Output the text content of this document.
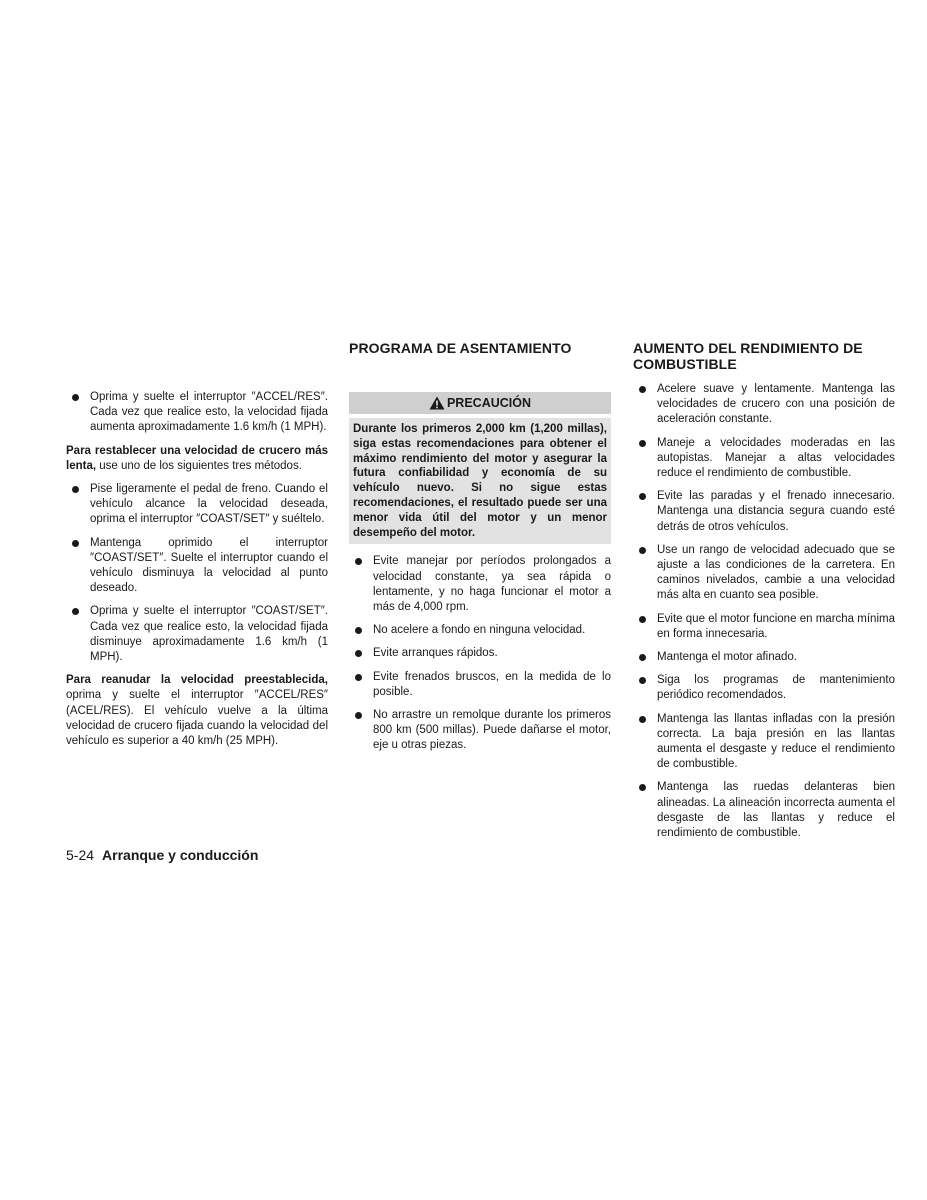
Oprima y suelte el interruptor ″ACCEL/RES″. Cada vez que realice esto, la velocidad fijada aumenta aproximadamente 1.6 km/h (1 MPH).

Para restablecer una velocidad de crucero más lenta, use uno de los siguientes tres métodos.

Pise ligeramente el pedal de freno. Cuando el vehículo alcance la velocidad deseada, oprima el interruptor ″COAST/SET″ y suéltelo.
Mantenga oprimido el interruptor ″COAST/SET″. Suelte el interruptor cuando el vehículo disminuya la velocidad al punto deseado.
Oprima y suelte el interruptor ″COAST/SET″. Cada vez que realice esto, la velocidad fijada disminuye aproximadamente 1.6 km/h (1 MPH).

Para reanudar la velocidad preestablecida, oprima y suelte el interruptor ″ACCEL/RES″ (ACEL/RES). El vehículo vuelve a la última velocidad de crucero fijada cuando la velocidad del vehículo es superior a 40 km/h (25 MPH).

PROGRAMA DE ASENTAMIENTO
PRECAUCIÓN
Durante los primeros 2,000 km (1,200 millas), siga estas recomendaciones para obtener el máximo rendimiento del motor y asegurar la futura confiabilidad y economía de su vehículo nuevo. Si no sigue estas recomendaciones, el resultado puede ser una menor vida útil del motor y un menor desempeño del motor.
Evite manejar por períodos prolongados a velocidad constante, ya sea rápida o lentamente, y no haga funcionar el motor a más de 4,000 rpm.
No acelere a fondo en ninguna velocidad.
Evite arranques rápidos.
Evite frenados bruscos, en la medida de lo posible.
No arrastre un remolque durante los primeros 800 km (500 millas). Puede dañarse el motor, eje u otras piezas.
AUMENTO DEL RENDIMIENTO DE COMBUSTIBLE
Acelere suave y lentamente. Mantenga las velocidades de crucero con una posición de aceleración constante.
Maneje a velocidades moderadas en las autopistas. Manejar a altas velocidades reduce el rendimiento de combustible.
Evite las paradas y el frenado innecesario. Mantenga una distancia segura cuando esté detrás de otros vehículos.
Use un rango de velocidad adecuado que se ajuste a las condiciones de la carretera. En caminos nivelados, cambie a una velocidad más alta en cuanto sea posible.
Evite que el motor funcione en marcha mínima en forma innecesaria.
Mantenga el motor afinado.
Siga los programas de mantenimiento periódico recomendados.
Mantenga las llantas infladas con la presión correcta. La baja presión en las llantas aumenta el desgaste y reduce el rendimiento de combustible.
Mantenga las ruedas delanteras bien alineadas. La alineación incorrecta aumenta el desgaste de las llantas y reduce el rendimiento de combustible.
5-24 Arranque y conducción
